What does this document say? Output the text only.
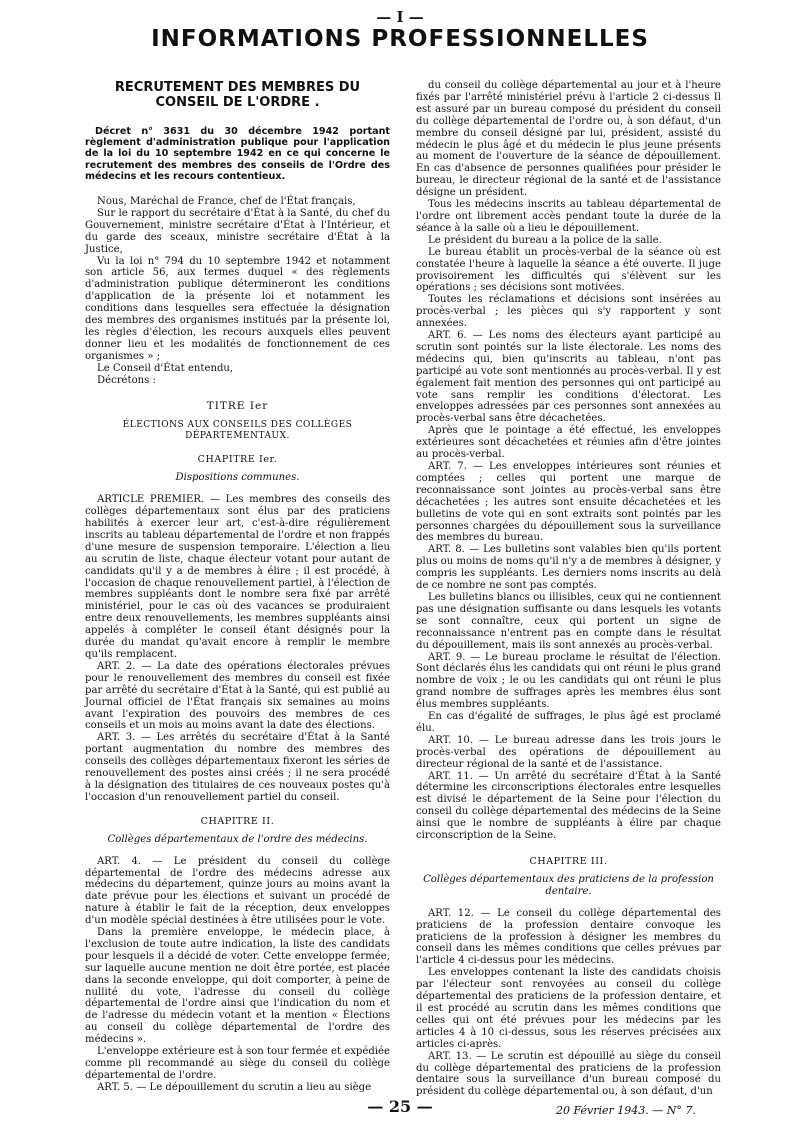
— I —
INFORMATIONS PROFESSIONNELLES
RECRUTEMENT DES MEMBRES DU CONSEIL DE L'ORDRE .
Décret n° 3631 du 30 décembre 1942 portant règlement d'administration publique pour l'application de la loi du 10 septembre 1942 en ce qui concerne le recrutement des membres des conseils de l'Ordre des médecins et les recours contentieux.

Nous, Maréchal de France, chef de l'État français,

Sur le rapport du secrétaire d'État à la Santé, du chef du Gouvernement, ministre secrétaire d'État à l'Intérieur, et du garde des sceaux, ministre secrétaire d'État à la Justice,

Vu la loi n° 794 du 10 septembre 1942 et notamment son article 56, aux termes duquel « des règlements d'administration publique détermineront les conditions d'application de la présente loi et notamment les conditions dans lesquelles sera effectuée la désignation des membres des organismes institués par la présente loi, les règles d'élection, les recours auxquels elles peuvent donner lieu et les modalités de fonctionnement de ces organismes » ;

Le Conseil d'État entendu,

Décrétons :

TITRE Ier
ÉLECTIONS AUX CONSEILS DES COLLÈGES DÉPARTEMENTAUX.
CHAPITRE Ier.
Dispositions communes.

ARTICLE PREMIER. — Les membres des conseils des collèges départementaux sont élus par des praticiens habilités à exercer leur art, c'est-à-dire régulièrement inscrits au tableau départemental de l'ordre et non frappés d'une mesure de suspension temporaire. L'élection a lieu au scrutin de liste, chaque électeur votant pour autant de candidats qu'il y a de membres à élire ; il est procédé, à l'occasion de chaque renouvellement partiel, à l'élection de membres suppléants dont le nombre sera fixé par arrêté ministériel, pour le cas où des vacances se produiraient entre deux renouvellements, les membres suppléants ainsi appelés à compléter le conseil étant désignés pour la durée du mandat qu'avait encore à remplir le membre qu'ils remplacent.

ART. 2. — La date des opérations électorales prévues pour le renouvellement des membres du conseil est fixée par arrêté du secrétaire d'État à la Santé, qui est publié au Journal officiel de l'État français six semaines au moins avant l'expiration des pouvoirs des membres de ces conseils et un mois au moins avant la date des élections.

ART. 3. — Les arrêtés du secrétaire d'État à la Santé portant augmentation du nombre des membres des conseils des collèges départementaux fixeront les séries de renouvellement des postes ainsi créés ; il ne sera procédé à la désignation des titulaires de ces nouveaux postes qu'à l'occasion d'un renouvellement partiel du conseil.

CHAPITRE II.
Collèges départementaux de l'ordre des médecins.

ART. 4. — Le président du conseil du collège départemental de l'ordre des médecins adresse aux médecins du département, quinze jours au moins avant la date prévue pour les élections et suivant un procédé de nature à établir le fait de la réception, deux enveloppes d'un modèle spécial destinées à être utilisées pour le vote.

Dans la première enveloppe, le médecin place, à l'exclusion de toute autre indication, la liste des candidats pour lesquels il a décidé de voter. Cette enveloppe fermée, sur laquelle aucune mention ne doit être portée, est placée dans la seconde enveloppe, qui doit comporter, à peine de nullité du vote, l'adresse du conseil du collège départemental de l'ordre ainsi que l'indication du nom et de l'adresse du médecin votant et la mention « Élections au conseil du collège départemental de l'ordre des médecins ».

L'enveloppe extérieure est à son tour fermée et expédiée comme pli recommandé au siège du conseil du collège départemental de l'ordre.

ART. 5. — Le dépouillement du scrutin a lieu au siège

du conseil du collège départemental au jour et à l'heure fixés par l'arrêté ministériel prévu à l'article 2 ci-dessus Il est assuré par un bureau composé du président du conseil du collège départemental de l'ordre ou, à son défaut, d'un membre du conseil désigné par lui, président, assisté du médecin le plus âgé et du médecin le plus jeune présents au moment de l'ouverture de la séance de dépouillement. En cas d'absence de personnes qualifiées pour présider le bureau, le directeur régional de la santé et de l'assistance désigne un président.

Tous les médecins inscrits au tableau départemental de l'ordre ont librement accès pendant toute la durée de la séance à la salle où a lieu le dépouillement.

Le président du bureau a la police de la salle.

Le bureau établit un procès-verbal de la séance où est constatée l'heure à laquelle la séance a été ouverte. Il juge provisoirement les difficultés qui s'élèvent sur les opérations ; ses décisions sont motivées.

Toutes les réclamations et décisions sont insérées au procès-verbal ; les pièces qui s'y rapportent y sont annexées.

ART. 6. — Les noms des électeurs ayant participé au scrutin sont pointés sur la liste électorale. Les noms des médecins qui, bien qu'inscrits au tableau, n'ont pas participé au vote sont mentionnés au procès-verbal. Il y est également fait mention des personnes qui ont participé au vote sans remplir les conditions d'électorat. Les enveloppes adressées par ces personnes sont annexées au procès-verbal sans être décachetées.

Après que le pointage a été effectué, les enveloppes extérieures sont décachetées et réunies afin d'être jointes au procès-verbal.

ART. 7. — Les enveloppes intérieures sont réunies et comptées ; celles qui portent une marque de reconnaissance sont jointes au procès-verbal sans être décachetées ; les autres sont ensuite décachetées et les bulletins de vote qui en sont extraits sont pointés par les personnes chargées du dépouillement sous la surveillance des membres du bureau.

ART. 8. — Les bulletins sont valables bien qu'ils portent plus ou moins de noms qu'il n'y a de membres à désigner, y compris les suppléants. Les derniers noms inscrits au delà de ce nombre ne sont pas comptés.

Les bulletins blancs ou illisibles, ceux qui ne contiennent pas une désignation suffisante ou dans lesquels les votants se sont connaître, ceux qui portent un signe de reconnaissance n'entrent pas en compte dans le résultat du dépouillement, mais ils sont annexés au procès-verbal.

ART. 9. — Le bureau proclame le résultat de l'élection. Sont déclarés élus les candidats qui ont réuni le plus grand nombre de voix ; le ou les candidats qui ont réuni le plus grand nombre de suffrages après les membres élus sont élus membres suppléants.

En cas d'égalité de suffrages, le plus âgé est proclamé élu.

ART. 10. — Le bureau adresse dans les trois jours le procès-verbal des opérations de dépouillement au directeur régional de la santé et de l'assistance.

ART. 11. — Un arrêté du secrétaire d'État à la Santé détermine les circonscriptions électorales entre lesquelles est divisé le département de la Seine pour l'élection du conseil du collège départemental des médecins de la Seine ainsi que le nombre de suppléants à élire par chaque circonscription de la Seine.

CHAPITRE III.
Collèges départementaux des praticiens de la profession dentaire.

ART. 12. — Le conseil du collège départemental des praticiens de la profession dentaire convoque les praticiens de la profession à désigner les membres du conseil dans les mêmes conditions que celles prévues par l'article 4 ci-dessus pour les médecins.

Les enveloppes contenant la liste des candidats choisis par l'électeur sont renvoyées au conseil du collège départemental des praticiens de la profession dentaire, et il est procédé au scrutin dans les mêmes conditions que celles qui ont été prévues pour les médecins par les articles 4 à 10 ci-dessus, sous les réserves précisées aux articles ci-après.

ART. 13. — Le scrutin est dépouillé au siège du conseil du collège départemental des praticiens de la profession dentaire sous la surveillance d'un bureau composé du président du collège départemental ou, à son défaut, d'un

— 25 —	20 Février 1943. — N° 7.
